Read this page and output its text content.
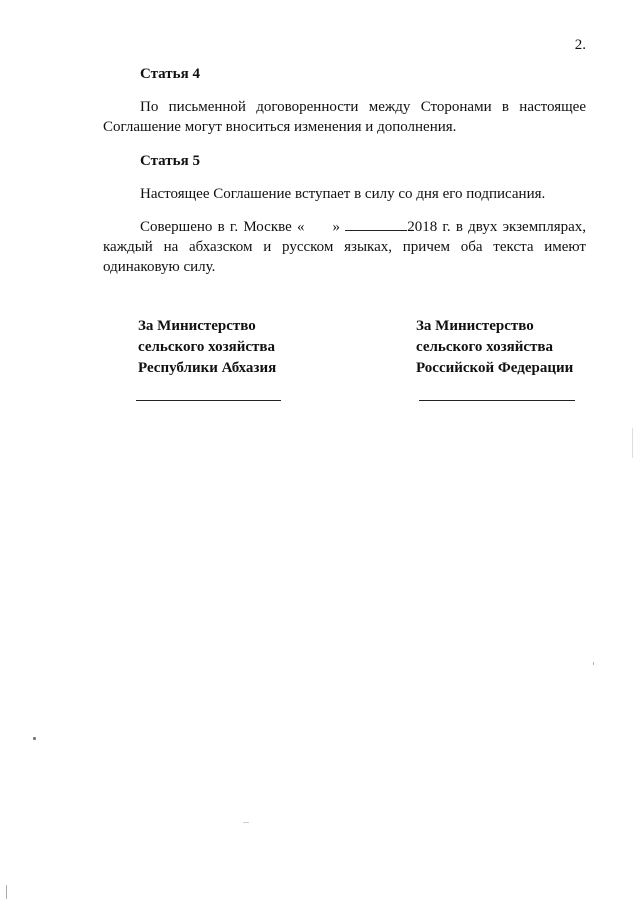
2.
Статья 4

По письменной договоренности между Сторонами в настоящее Соглашение могут вноситься изменения и дополнения.

Статья 5

Настоящее Соглашение вступает в силу со дня его подписания.

Совершено в г. Москве « »	2018 г. в двух экземплярах, каждый на абхазском и русском языках, причем оба текста имеют одинаковую силу.

За Министерство
сельского хозяйства
Республики Абхазия
За Министерство
сельского хозяйства
Российской Федерации
